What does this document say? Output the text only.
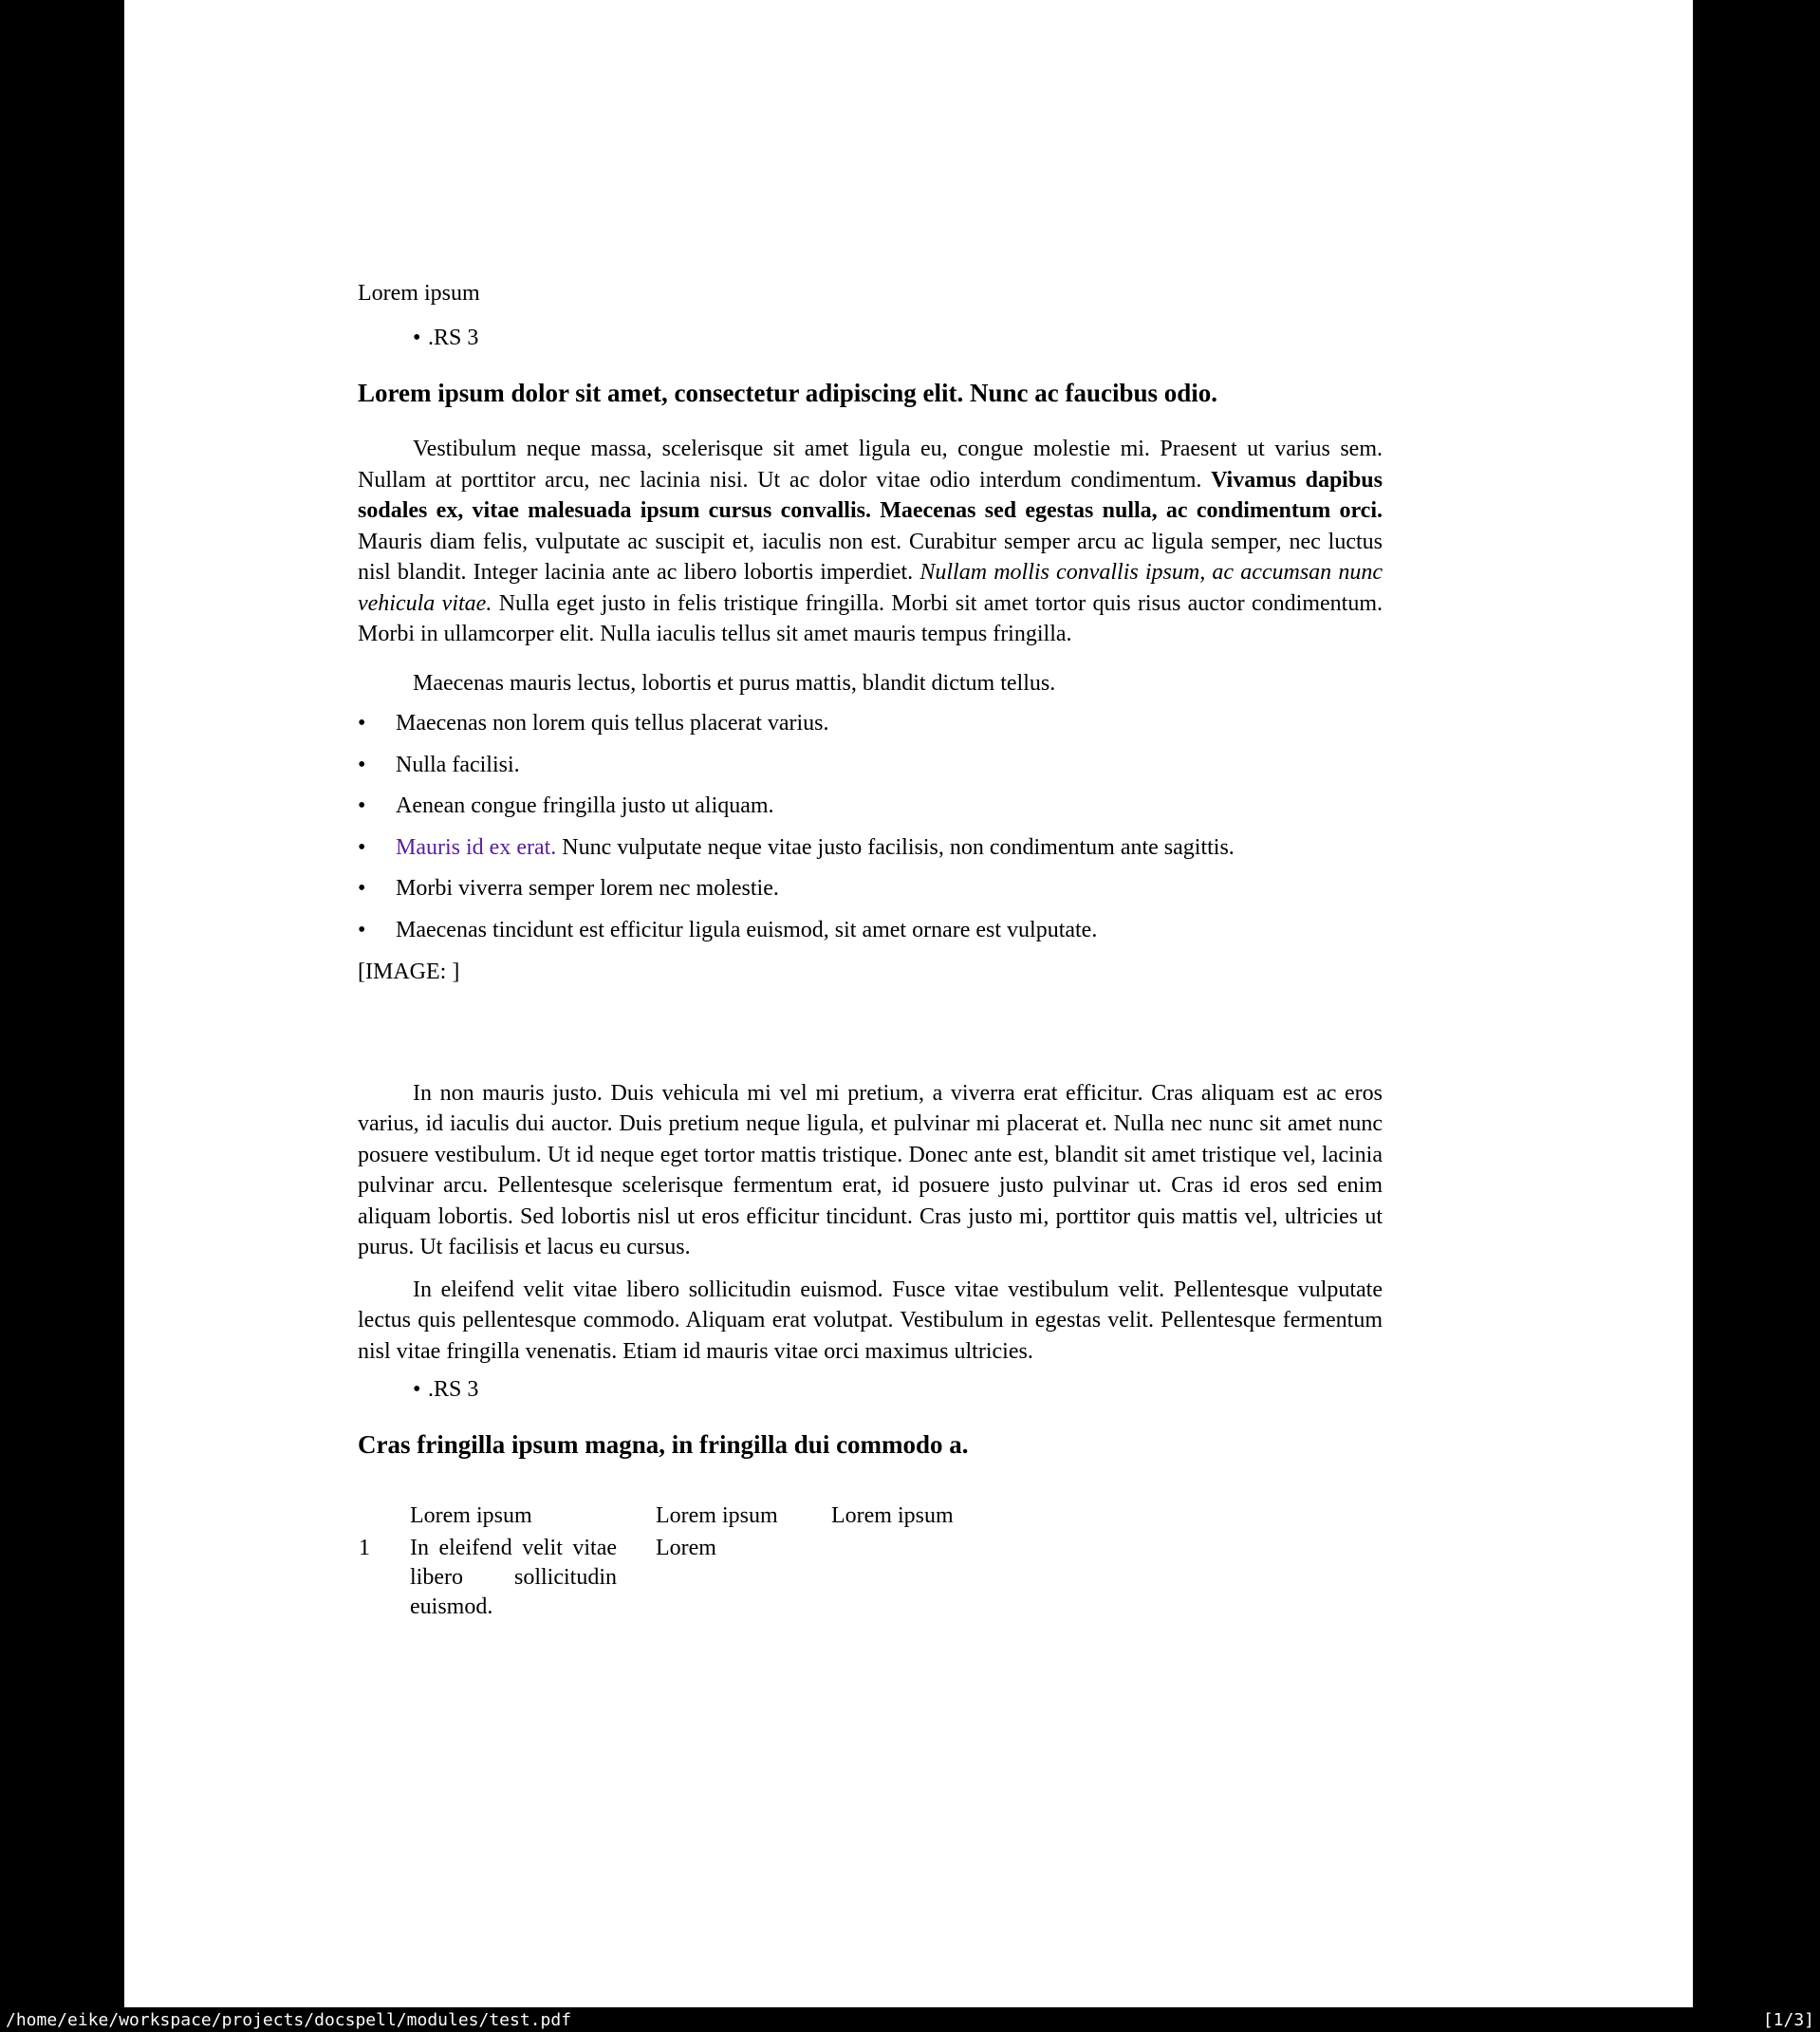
Lorem ipsum
• .RS 3
Lorem ipsum dolor sit amet, consectetur adipiscing elit. Nunc ac faucibus odio.

Vestibulum neque massa, scelerisque sit amet ligula eu, congue molestie mi. Praesent ut varius sem. Nullam at porttitor arcu, nec lacinia nisi. Ut ac dolor vitae odio interdum condimentum. Vivamus dapibus sodales ex, vitae malesuada ipsum cursus convallis. Maecenas sed egestas nulla, ac condimentum orci. Mauris diam felis, vulputate ac suscipit et, iaculis non est. Curabitur semper arcu ac ligula semper, nec luctus nisl blandit. Integer lacinia ante ac libero lobortis imperdiet. Nullam mollis convallis ipsum, ac accumsan nunc vehicula vitae. Nulla eget justo in felis tristique fringilla. Morbi sit amet tortor quis risus auctor condimentum. Morbi in ullamcorper elit. Nulla iaculis tellus sit amet mauris tempus fringilla.

Maecenas mauris lectus, lobortis et purus mattis, blandit dictum tellus.

• Maecenas non lorem quis tellus placerat varius.
• Nulla facilisi.
• Aenean congue fringilla justo ut aliquam.
• Mauris id ex erat. Nunc vulputate neque vitae justo facilisis, non condimentum ante sagittis.
• Morbi viverra semper lorem nec molestie.
• Maecenas tincidunt est efficitur ligula euismod, sit amet ornare est vulputate.
[IMAGE: ]

In non mauris justo. Duis vehicula mi vel mi pretium, a viverra erat efficitur. Cras aliquam est ac eros varius, id iaculis dui auctor. Duis pretium neque ligula, et pulvinar mi placerat et. Nulla nec nunc sit amet nunc posuere vestibulum. Ut id neque eget tortor mattis tristique. Donec ante est, blandit sit amet tristique vel, lacinia pulvinar arcu. Pellentesque scelerisque fermentum erat, id posuere justo pulvinar ut. Cras id eros sed enim aliquam lobortis. Sed lobortis nisl ut eros efficitur tincidunt. Cras justo mi, porttitor quis mattis vel, ultricies ut purus. Ut facilisis et lacus eu cursus.

In eleifend velit vitae libero sollicitudin euismod. Fusce vitae vestibulum velit. Pellentesque vulputate lectus quis pellentesque commodo. Aliquam erat volutpat. Vestibulum in egestas velit. Pellentesque fermentum nisl vitae fringilla venenatis. Etiam id mauris vitae orci maximus ultricies.

• .RS 3
Cras fringilla ipsum magna, in fringilla dui commodo a.
Lorem ipsum	Lorem ipsum Lorem ipsum
1 In eleifend velit vitae libero sollicitudin euismod.
Lorem
/home/eike/workspace/projects/docspell/modules/test.pdf	[1/3]
